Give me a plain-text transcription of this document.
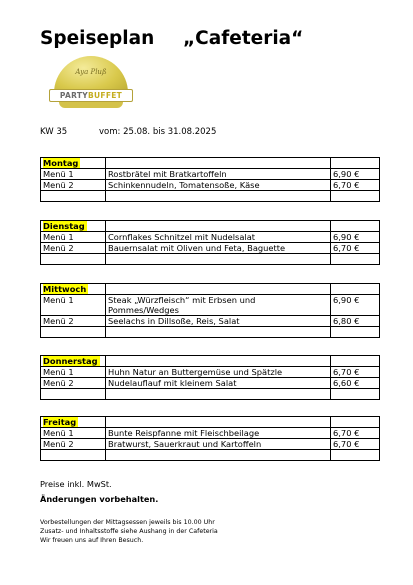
Speiseplan „Cafeteria“
Aya Pluß
PARTYBUFFET
KW 35	vom: 25.08. bis 31.08.2025
Montag		
Menü 1	Rostbrätel mit Bratkartoffeln	6,90 €
Menü 2	Schinkennudeln, Tomatensoße, Käse	6,70 €

Dienstag		
Menü 1	Cornflakes Schnitzel mit Nudelsalat	6,90 €
Menü 2	Bauernsalat mit Oliven und Feta, Baguette	6,70 €

Mittwoch		
Menü 1	Steak „Würzfleisch“ mit Erbsen und Pommes/Wedges	6,90 €
Menü 2	Seelachs in Dillsoße, Reis, Salat	6,80 €

Donnerstag		
Menü 1	Huhn Natur an Buttergemüse und Spätzle	6,70 €
Menü 2	Nudelauflauf mit kleinem Salat	6,60 €

Freitag		
Menü 1	Bunte Reispfanne mit Fleischbeilage	6,70 €
Menü 2	Bratwurst, Sauerkraut und Kartoffeln	6,70 €

Preise inkl. MwSt.
Änderungen vorbehalten.
Vorbestellungen der Mittagsessen jeweils bis 10.00 Uhr
Zusatz- und Inhaltsstoffe siehe Aushang in der Cafeteria
Wir freuen uns auf Ihren Besuch.
